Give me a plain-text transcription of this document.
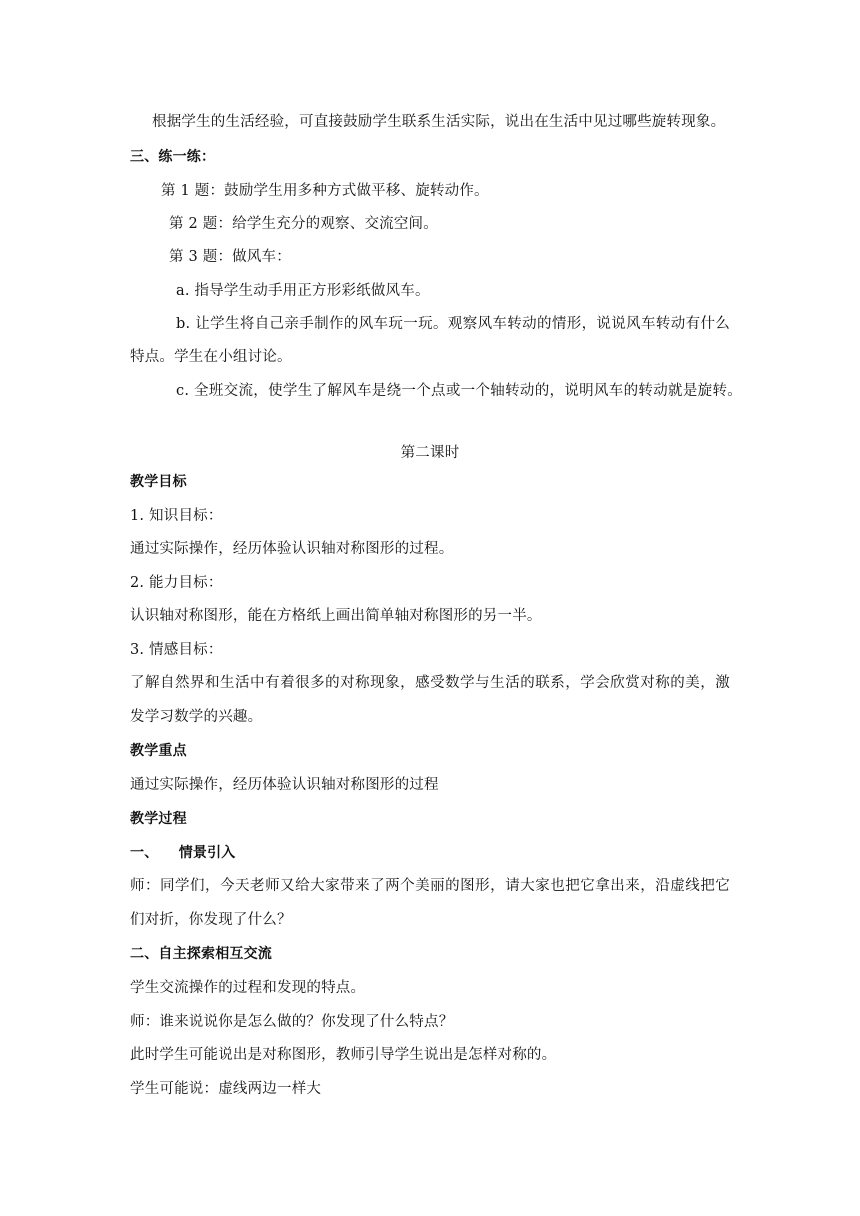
根据学生的生活经验，可直接鼓励学生联系生活实际，说出在生活中见过哪些旋转现象。
三、练一练：
第 1 题：鼓励学生用多种方式做平移、旋转动作。
第 2 题：给学生充分的观察、交流空间。
第 3 题：做风车：
a. 指导学生动手用正方形彩纸做风车。
b. 让学生将自己亲手制作的风车玩一玩。观察风车转动的情形，说说风车转动有什么
特点。学生在小组讨论。
c. 全班交流，使学生了解风车是绕一个点或一个轴转动的，说明风车的转动就是旋转。
第二课时
教学目标
1. 知识目标：
通过实际操作，经历体验认识轴对称图形的过程。
2. 能力目标：
认识轴对称图形，能在方格纸上画出简单轴对称图形的另一半。
3. 情感目标：
了解自然界和生活中有着很多的对称现象，感受数学与生活的联系，学会欣赏对称的美，激
发学习数学的兴趣。
教学重点
通过实际操作，经历体验认识轴对称图形的过程
教学过程
一、    情景引入
师：同学们，今天老师又给大家带来了两个美丽的图形，请大家也把它拿出来，沿虚线把它
们对折，你发现了什么？
二、自主探索相互交流
学生交流操作的过程和发现的特点。
师：谁来说说你是怎么做的？你发现了什么特点？
此时学生可能说出是对称图形，教师引导学生说出是怎样对称的。
学生可能说：虚线两边一样大
